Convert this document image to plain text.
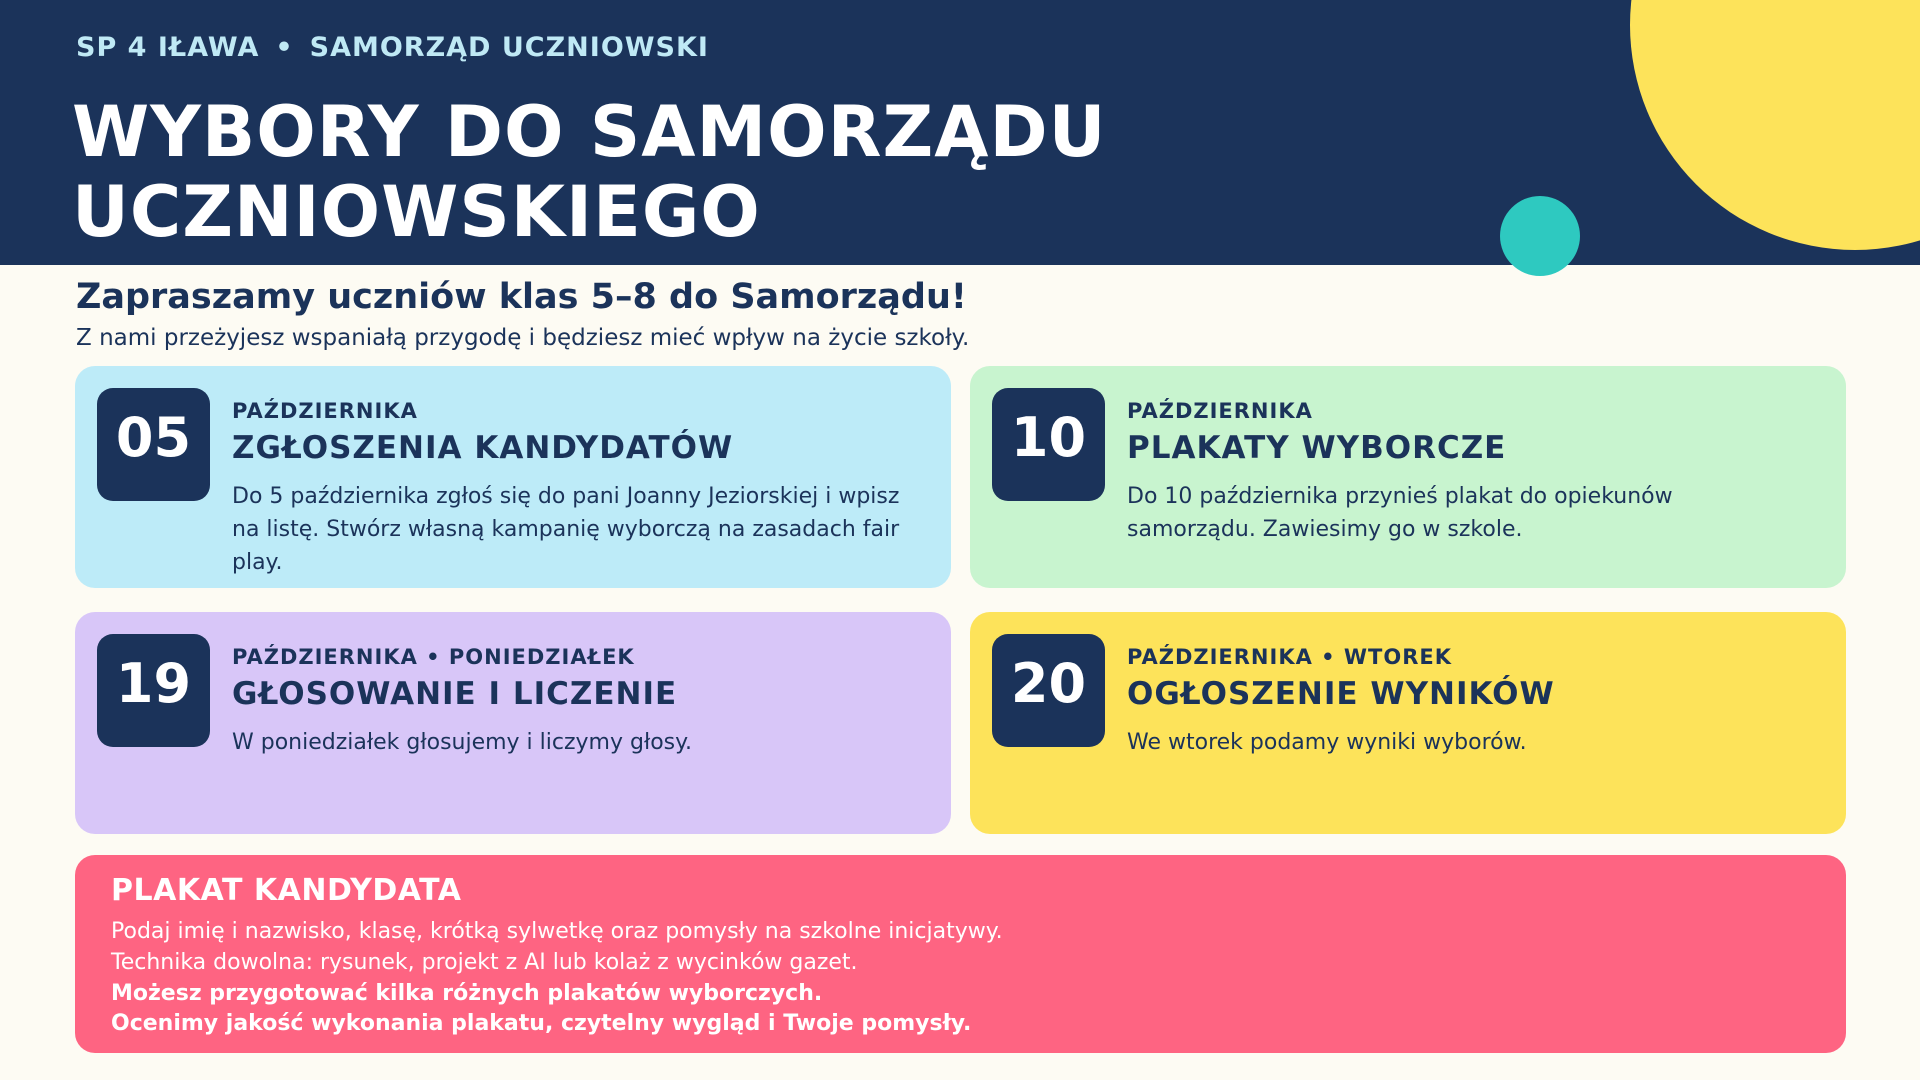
SP 4 IŁAWA • SAMORZĄD UCZNIOWSKI
WYBORY DO SAMORZĄDU
UCZNIOWSKIEGO
Zapraszamy uczniów klas 5–8 do Samorządu!
Z nami przeżyjesz wspaniałą przygodę i będziesz mieć wpływ na życie szkoły.
05	PAŹDZIERNIKA
ZGŁOSZENIA KANDYDATÓW
Do 5 października zgłoś się do pani Joanny Jeziorskiej i wpisz na listę. Stwórz własną kampanię wyborczą na zasadach fair play.
10	PAŹDZIERNIKA
PLAKATY WYBORCZE
Do 10 października przynieś plakat do opiekunów samorządu. Zawiesimy go w szkole.
19	PAŹDZIERNIKA • PONIEDZIAŁEK
GŁOSOWANIE I LICZENIE
W poniedziałek głosujemy i liczymy głosy.
20	PAŹDZIERNIKA • WTOREK
OGŁOSZENIE WYNIKÓW
We wtorek podamy wyniki wyborów.
PLAKAT KANDYDATA
Podaj imię i nazwisko, klasę, krótką sylwetkę oraz pomysły na szkolne inicjatywy.
Technika dowolna: rysunek, projekt z AI lub kolaż z wycinków gazet.
Możesz przygotować kilka różnych plakatów wyborczych.
Ocenimy jakość wykonania plakatu, czytelny wygląd i Twoje pomysły.
